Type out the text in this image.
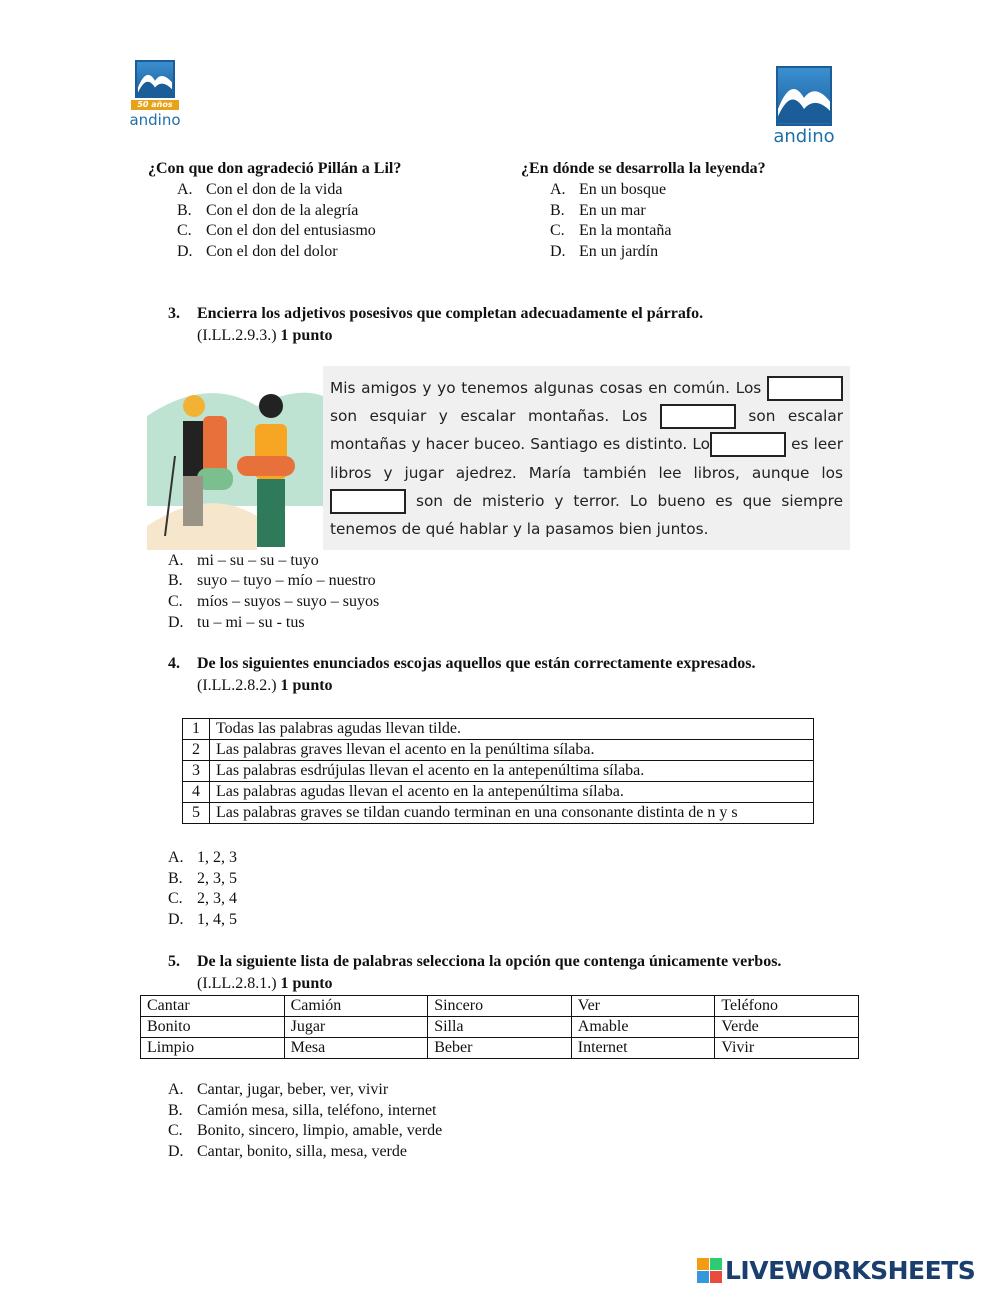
50 años
andino
andino
¿Con que don agradeció Pillán a Lil?	¿En dónde se desarrolla la leyenda?
A. Con el don de la vida
B. Con el don de la alegría
C. Con el don del entusiasmo
D. Con el don del dolor
A. En un bosque
B. En un mar
C. En la montaña
D. En un jardín
3. Encierra los adjetivos posesivos que completan adecuadamente el párrafo.
(I.LL.2.9.3.) 1 punto
Mis amigos y yo tenemos algunas cosas en común. Los  son esquiar y escalar montañas. Los	son escalar montañas y hacer buceo. Santiago es distinto. Lo	es leer libros y jugar ajedrez. María también lee libros, aunque los  son de misterio y terror. Lo bueno es que siempre tenemos de qué hablar y la pasamos bien juntos.
A. mi – su – su – tuyo
B. suyo – tuyo – mío – nuestro
C. míos – suyos – suyo – suyos
D. tu – mi – su - tus
4. De los siguientes enunciados escojas aquellos que están correctamente expresados.
(I.LL.2.8.2.) 1 punto
1	Todas las palabras agudas llevan tilde.
2	Las palabras graves llevan el acento en la penúltima sílaba.
3	Las palabras esdrújulas llevan el acento en la antepenúltima sílaba.
4	Las palabras agudas llevan el acento en la antepenúltima sílaba.
5	Las palabras graves se tildan cuando terminan en una consonante distinta de n y s
A. 1, 2, 3
B. 2, 3, 5
C. 2, 3, 4
D. 1, 4, 5
5. De la siguiente lista de palabras selecciona la opción que contenga únicamente verbos.
(I.LL.2.8.1.) 1 punto
Cantar	Camión	Sincero	Ver	Teléfono
Bonito	Jugar	Silla	Amable	Verde
Limpio	Mesa	Beber	Internet	Vivir
A. Cantar, jugar, beber, ver, vivir
B. Camión mesa, silla, teléfono, internet
C. Bonito, sincero, limpio, amable, verde
D. Cantar, bonito, silla, mesa, verde
LIVEWORKSHEETS
